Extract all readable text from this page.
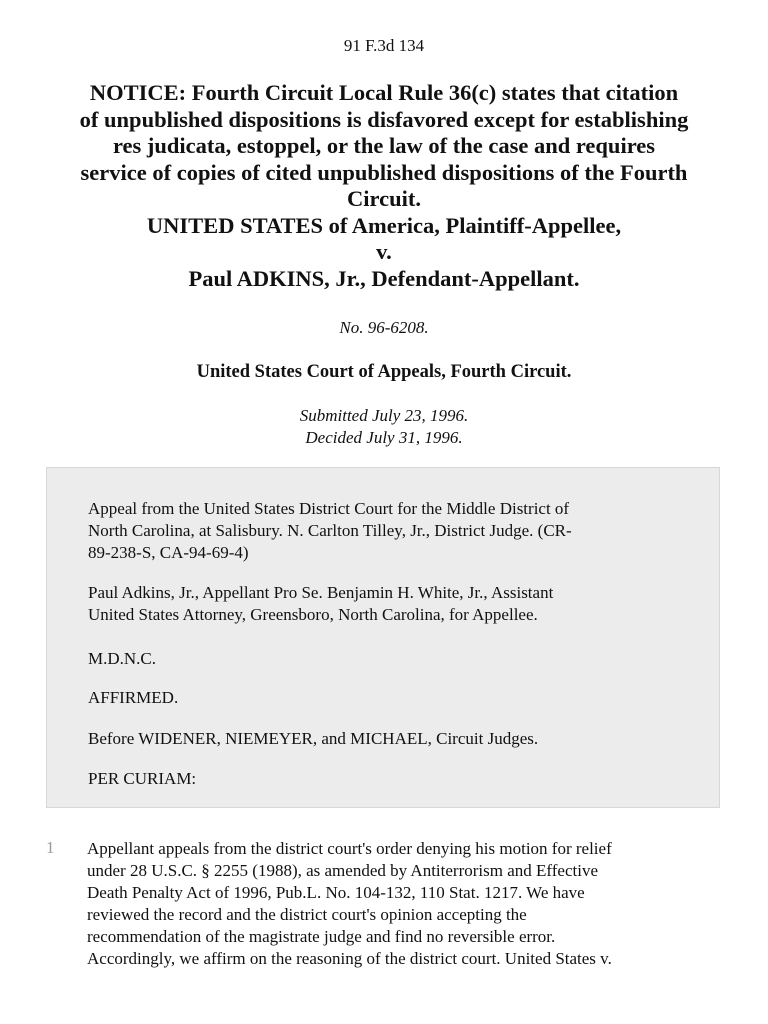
91 F.3d 134
NOTICE: Fourth Circuit Local Rule 36(c) states that citation
of unpublished dispositions is disfavored except for establishing
res judicata, estoppel, or the law of the case and requires
service of copies of cited unpublished dispositions of the Fourth
Circuit.
UNITED STATES of America, Plaintiff-Appellee,
v.
Paul ADKINS, Jr., Defendant-Appellant.
No. 96-6208.
United States Court of Appeals, Fourth Circuit.
Submitted July 23, 1996.
Decided July 31, 1996.

Appeal from the United States District Court for the Middle District of
North Carolina, at Salisbury. N. Carlton Tilley, Jr., District Judge. (CR-
89-238-S, CA-94-69-4)

Paul Adkins, Jr., Appellant Pro Se. Benjamin H. White, Jr., Assistant
United States Attorney, Greensboro, North Carolina, for Appellee.

M.D.N.C.

AFFIRMED.

Before WIDENER, NIEMEYER, and MICHAEL, Circuit Judges.

PER CURIAM:

1 Appellant appeals from the district court's order denying his motion for relief
under 28 U.S.C. § 2255 (1988), as amended by Antiterrorism and Effective
Death Penalty Act of 1996, Pub.L. No. 104-132, 110 Stat. 1217. We have
reviewed the record and the district court's opinion accepting the
recommendation of the magistrate judge and find no reversible error.
Accordingly, we affirm on the reasoning of the district court. United States v.
